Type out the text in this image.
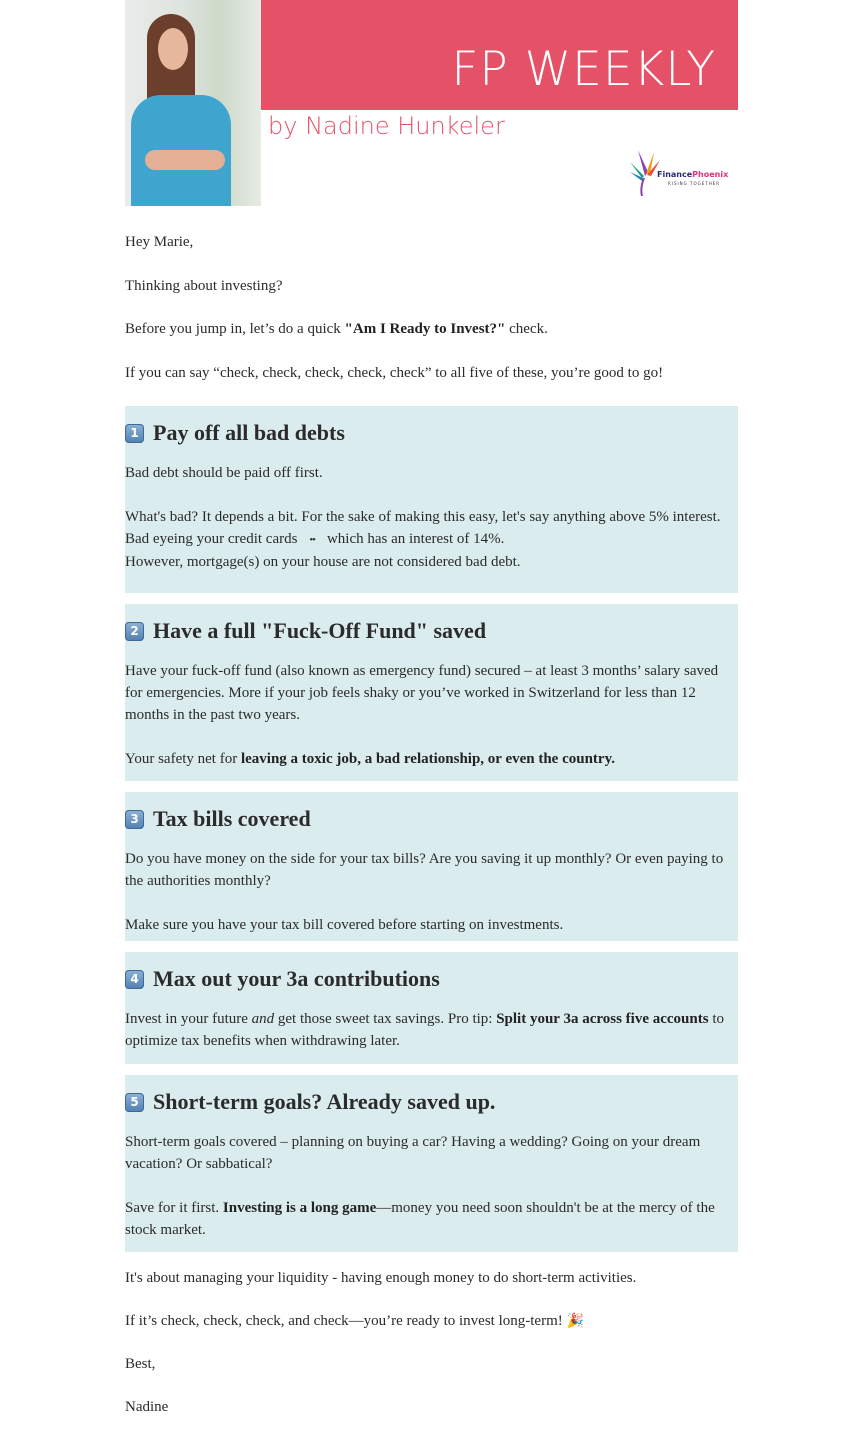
FP WEEKLY
by Nadine Hunkeler
FinancePhoenix
RISING TOGETHER

Hey Marie,

Thinking about investing?

Before you jump in, let’s do a quick "Am I Ready to Invest?" check.

If you can say “check, check, check, check, check” to all five of these, you’re good to go!

1 Pay off all bad debts

Bad debt should be paid off first.

What's bad? It depends a bit. For the sake of making this easy, let's say anything above 5% interest. Bad eyeing your credit cards •• which has an interest of 14%.
However, mortgage(s) on your house are not considered bad debt.

2 Have a full "Fuck-Off Fund" saved

Have your fuck-off fund (also known as emergency fund) secured – at least 3 months’ salary saved for emergencies. More if your job feels shaky or you’ve worked in Switzerland for less than 12 months in the past two years.

Your safety net for leaving a toxic job, a bad relationship, or even the country.

3 Tax bills covered

Do you have money on the side for your tax bills? Are you saving it up monthly? Or even paying to the authorities monthly?

Make sure you have your tax bill covered before starting on investments.

4 Max out your 3a contributions

Invest in your future and get those sweet tax savings. Pro tip: Split your 3a across five accounts to optimize tax benefits when withdrawing later.

5 Short-term goals? Already saved up.

Short-term goals covered – planning on buying a car? Having a wedding? Going on your dream vacation? Or sabbatical?

Save for it first. Investing is a long game—money you need soon shouldn't be at the mercy of the stock market.

It's about managing your liquidity - having enough money to do short-term activities.

If it’s check, check, check, and check—you’re ready to invest long-term! 🎉

Best,

Nadine
